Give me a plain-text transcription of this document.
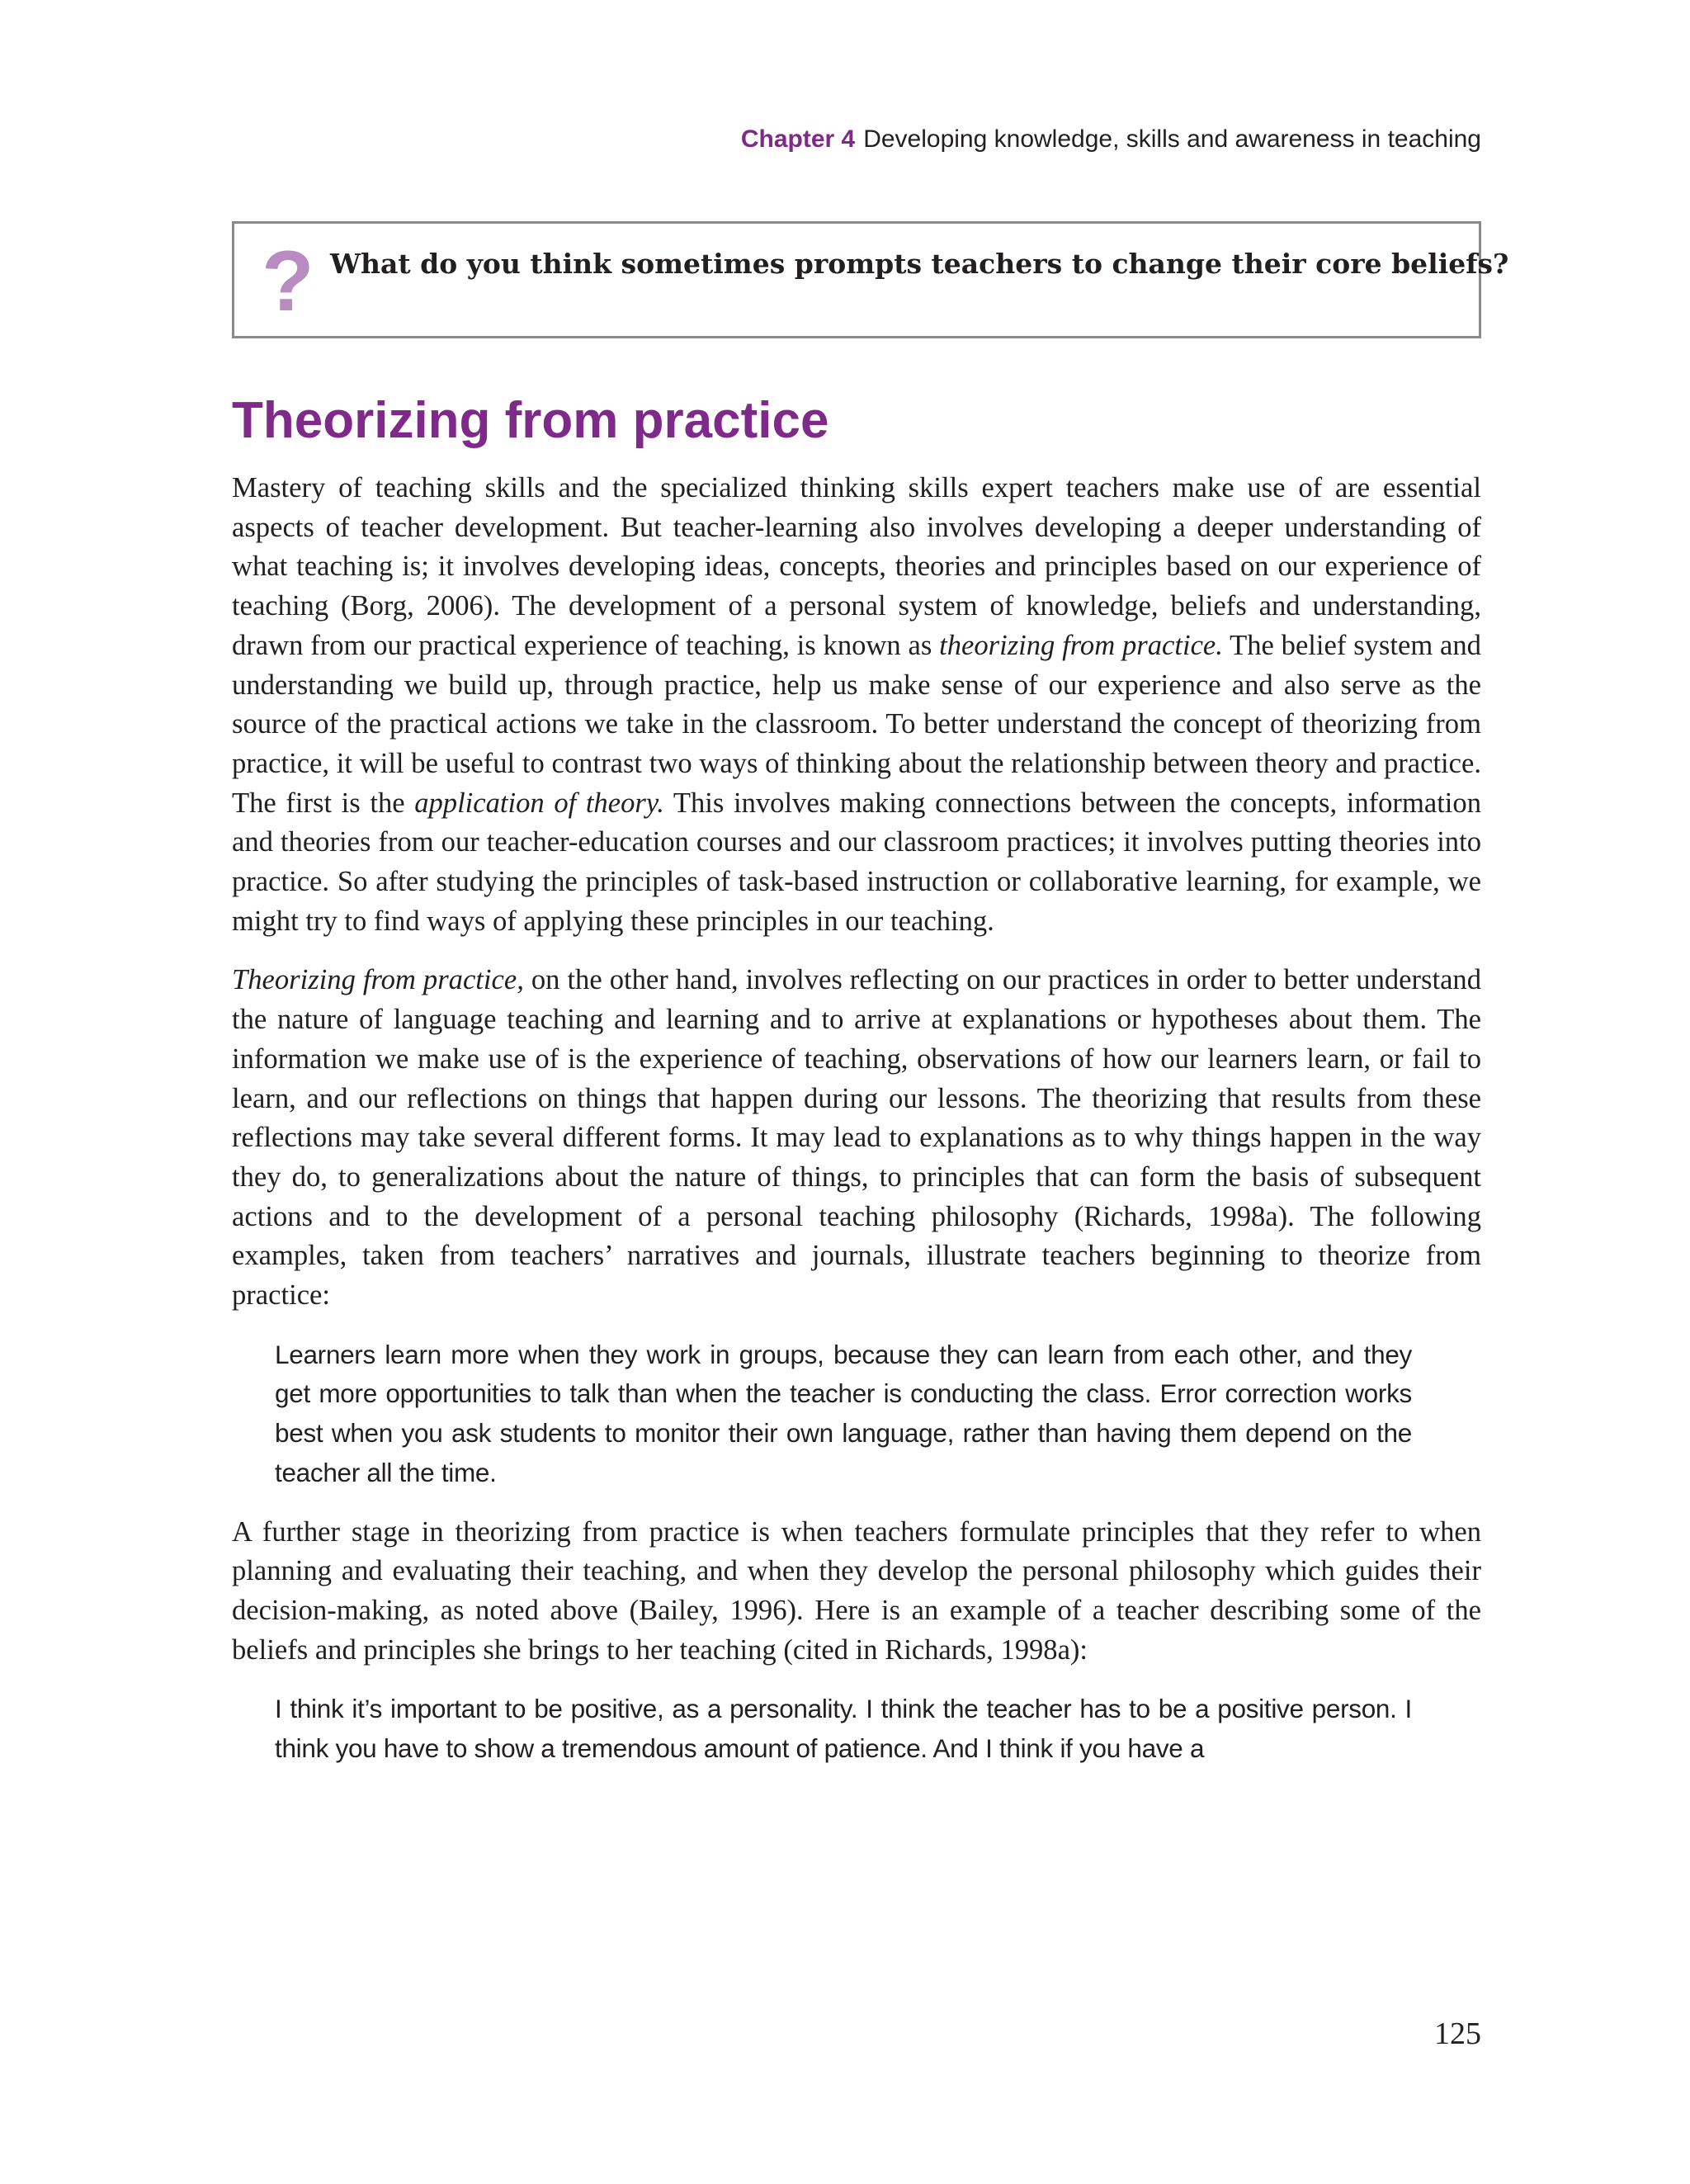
Chapter 4 Developing knowledge, skills and awareness in teaching
? What do you think sometimes prompts teachers to change their core beliefs?
Theorizing from practice

Mastery of teaching skills and the specialized thinking skills expert teachers make use of are essential aspects of teacher development. But teacher-learning also involves developing a deeper understanding of what teaching is; it involves developing ideas, concepts, theories and principles based on our experience of teaching (Borg, 2006). The development of a personal system of knowledge, beliefs and understanding, drawn from our practical experience of teaching, is known as theorizing from practice. The belief system and understanding we build up, through practice, help us make sense of our experience and also serve as the source of the practical actions we take in the classroom. To better understand the concept of theorizing from practice, it will be useful to contrast two ways of thinking about the relationship between theory and practice. The first is the application of theory. This involves making connections between the concepts, information and theories from our teacher-education courses and our classroom practices; it involves putting theories into practice. So after studying the principles of task-based instruction or collaborative learning, for example, we might try to find ways of applying these principles in our teaching.

Theorizing from practice, on the other hand, involves reflecting on our practices in order to better understand the nature of language teaching and learning and to arrive at explanations or hypotheses about them. The information we make use of is the experience of teaching, observations of how our learners learn, or fail to learn, and our reflections on things that happen during our lessons. The theorizing that results from these reflections may take several different forms. It may lead to explanations as to why things happen in the way they do, to generalizations about the nature of things, to principles that can form the basis of subsequent actions and to the development of a personal teaching philosophy (Richards, 1998a). The following examples, taken from teachers’ narratives and journals, illustrate teachers beginning to theorize from practice:

Learners learn more when they work in groups, because they can learn from each other, and they get more opportunities to talk than when the teacher is conducting the class. Error correction works best when you ask students to monitor their own language, rather than having them depend on the teacher all the time.

A further stage in theorizing from practice is when teachers formulate principles that they refer to when planning and evaluating their teaching, and when they develop the personal philosophy which guides their decision-making, as noted above (Bailey, 1996). Here is an example of a teacher describing some of the beliefs and principles she brings to her teaching (cited in Richards, 1998a):

I think it’s important to be positive, as a personality. I think the teacher has to be a positive person. I think you have to show a tremendous amount of patience. And I think if you have a
125
